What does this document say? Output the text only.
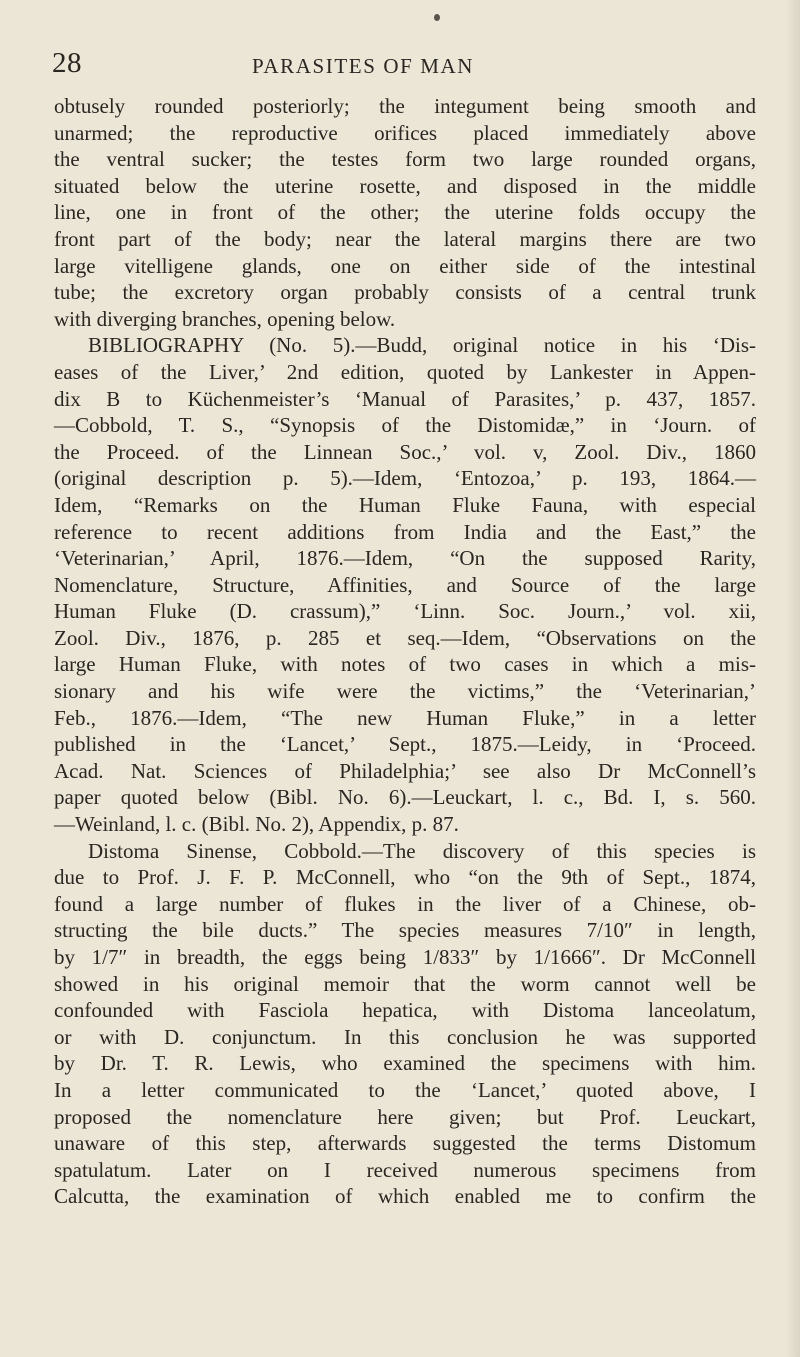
28	PARASITES OF MAN
obtusely rounded posteriorly; the integument being smooth and
unarmed; the reproductive orifices placed immediately above
the ventral sucker; the testes form two large rounded organs,
situated below the uterine rosette, and disposed in the middle
line, one in front of the other; the uterine folds occupy the
front part of the body; near the lateral margins there are two
large vitelligene glands, one on either side of the intestinal
tube; the excretory organ probably consists of a central trunk
with diverging branches, opening below.
BIBLIOGRAPHY (No. 5).—Budd, original notice in his ‘Dis-
eases of the Liver,’ 2nd edition, quoted by Lankester in Appen-
dix B to Küchenmeister’s ‘Manual of Parasites,’ p. 437, 1857.
—Cobbold, T. S., “Synopsis of the Distomidæ,” in ‘Journ. of
the Proceed. of the Linnean Soc.,’ vol. v, Zool. Div., 1860
(original description p. 5).—Idem, ‘Entozoa,’ p. 193, 1864.—
Idem, “Remarks on the Human Fluke Fauna, with especial
reference to recent additions from India and the East,” the
‘Veterinarian,’ April, 1876.—Idem, “On the supposed Rarity,
Nomenclature, Structure, Affinities, and Source of the large
Human Fluke (D. crassum),” ‘Linn. Soc. Journ.,’ vol. xii,
Zool. Div., 1876, p. 285 et seq.—Idem, “Observations on the
large Human Fluke, with notes of two cases in which a mis-
sionary and his wife were the victims,” the ‘Veterinarian,’
Feb., 1876.—Idem, “The new Human Fluke,” in a letter
published in the ‘Lancet,’ Sept., 1875.—Leidy, in ‘Proceed.
Acad. Nat. Sciences of Philadelphia;’ see also Dr McConnell’s
paper quoted below (Bibl. No. 6).—Leuckart, l. c., Bd. I, s. 560.
—Weinland, l. c. (Bibl. No. 2), Appendix, p. 87.
Distoma Sinense, Cobbold.—The discovery of this species is
due to Prof. J. F. P. McConnell, who “on the 9th of Sept., 1874,
found a large number of flukes in the liver of a Chinese, ob-
structing the bile ducts.” The species measures 7/10″ in length,
by 1/7″ in breadth, the eggs being 1/833″ by 1/1666″. Dr McConnell
showed in his original memoir that the worm cannot well be
confounded with Fasciola hepatica, with Distoma lanceolatum,
or with D. conjunctum. In this conclusion he was supported
by Dr. T. R. Lewis, who examined the specimens with him.
In a letter communicated to the ‘Lancet,’ quoted above, I
proposed the nomenclature here given; but Prof. Leuckart,
unaware of this step, afterwards suggested the terms Distomum
spatulatum. Later on I received numerous specimens from
Calcutta, the examination of which enabled me to confirm the
